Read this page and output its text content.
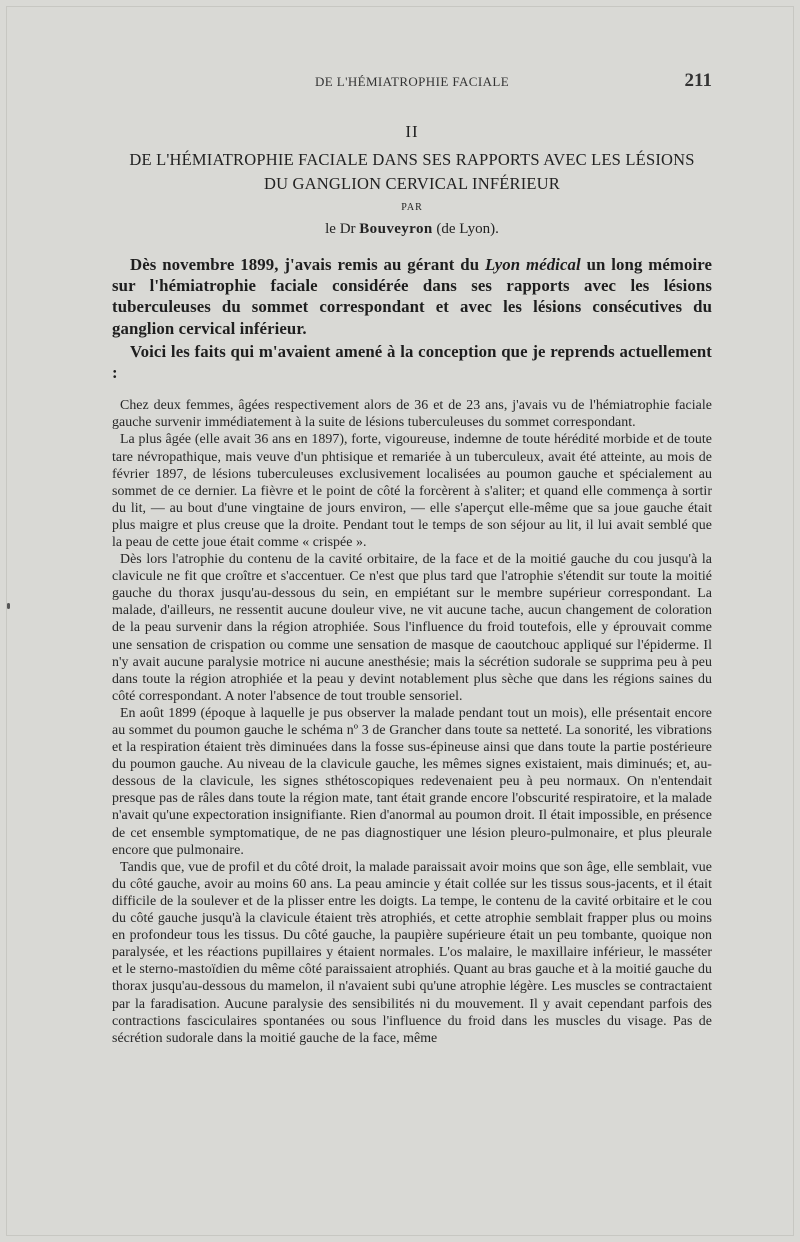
DE L'HÉMIATROPHIE FACIALE	211
II
DE L'HÉMIATROPHIE FACIALE DANS SES RAPPORTS AVEC LES LÉSIONS
DU GANGLION CERVICAL INFÉRIEUR
PAR
le Dr Bouveyron (de Lyon).

Dès novembre 1899, j'avais remis au gérant du Lyon médical un long mémoire sur l'hémiatrophie faciale considérée dans ses rapports avec les lésions tuberculeuses du sommet correspondant et avec les lésions consécutives du ganglion cervical inférieur.

Voici les faits qui m'avaient amené à la conception que je reprends actuellement :

Chez deux femmes, âgées respectivement alors de 36 et de 23 ans, j'avais vu de l'hémiatrophie faciale gauche survenir immédiatement à la suite de lésions tuberculeuses du sommet correspondant.

La plus âgée (elle avait 36 ans en 1897), forte, vigoureuse, indemne de toute hérédité morbide et de toute tare névropathique, mais veuve d'un phtisique et remariée à un tuberculeux, avait été atteinte, au mois de février 1897, de lésions tuberculeuses exclusivement localisées au poumon gauche et spécialement au sommet de ce dernier. La fièvre et le point de côté la forcèrent à s'aliter; et quand elle commença à sortir du lit, — au bout d'une vingtaine de jours environ, — elle s'aperçut elle-même que sa joue gauche était plus maigre et plus creuse que la droite. Pendant tout le temps de son séjour au lit, il lui avait semblé que la peau de cette joue était comme « crispée ».

Dès lors l'atrophie du contenu de la cavité orbitaire, de la face et de la moitié gauche du cou jusqu'à la clavicule ne fit que croître et s'accentuer. Ce n'est que plus tard que l'atrophie s'étendit sur toute la moitié gauche du thorax jusqu'au-dessous du sein, en empiétant sur le membre supérieur correspondant. La malade, d'ailleurs, ne ressentit aucune douleur vive, ne vit aucune tache, aucun changement de coloration de la peau survenir dans la région atrophiée. Sous l'influence du froid toutefois, elle y éprouvait comme une sensation de crispation ou comme une sensation de masque de caoutchouc appliqué sur l'épiderme. Il n'y avait aucune paralysie motrice ni aucune anesthésie; mais la sécrétion sudorale se supprima peu à peu dans toute la région atrophiée et la peau y devint notablement plus sèche que dans les régions saines du côté correspondant. A noter l'absence de tout trouble sensoriel.

En août 1899 (époque à laquelle je pus observer la malade pendant tout un mois), elle présentait encore au sommet du poumon gauche le schéma nº 3 de Grancher dans toute sa netteté. La sonorité, les vibrations et la respiration étaient très diminuées dans la fosse sus-épineuse ainsi que dans toute la partie postérieure du poumon gauche. Au niveau de la clavicule gauche, les mêmes signes existaient, mais diminués; et, au-dessous de la clavicule, les signes sthétoscopiques redevenaient peu à peu normaux. On n'entendait presque pas de râles dans toute la région mate, tant était grande encore l'obscurité respiratoire, et la malade n'avait qu'une expectoration insignifiante. Rien d'anormal au poumon droit. Il était impossible, en présence de cet ensemble symptomatique, de ne pas diagnostiquer une lésion pleuro-pulmonaire, et plus pleurale encore que pulmonaire.

Tandis que, vue de profil et du côté droit, la malade paraissait avoir moins que son âge, elle semblait, vue du côté gauche, avoir au moins 60 ans. La peau amincie y était collée sur les tissus sous-jacents, et il était difficile de la soulever et de la plisser entre les doigts. La tempe, le contenu de la cavité orbitaire et le cou du côté gauche jusqu'à la clavicule étaient très atrophiés, et cette atrophie semblait frapper plus ou moins en profondeur tous les tissus. Du côté gauche, la paupière supérieure était un peu tombante, quoique non paralysée, et les réactions pupillaires y étaient normales. L'os malaire, le maxillaire inférieur, le masséter et le sterno-mastoïdien du même côté paraissaient atrophiés. Quant au bras gauche et à la moitié gauche du thorax jusqu'au-dessous du mamelon, il n'avaient subi qu'une atrophie légère. Les muscles se contractaient par la faradisation. Aucune paralysie des sensibilités ni du mouvement. Il y avait cependant parfois des contractions fasciculaires spontanées ou sous l'influence du froid dans les muscles du visage. Pas de sécrétion sudorale dans la moitié gauche de la face, même
